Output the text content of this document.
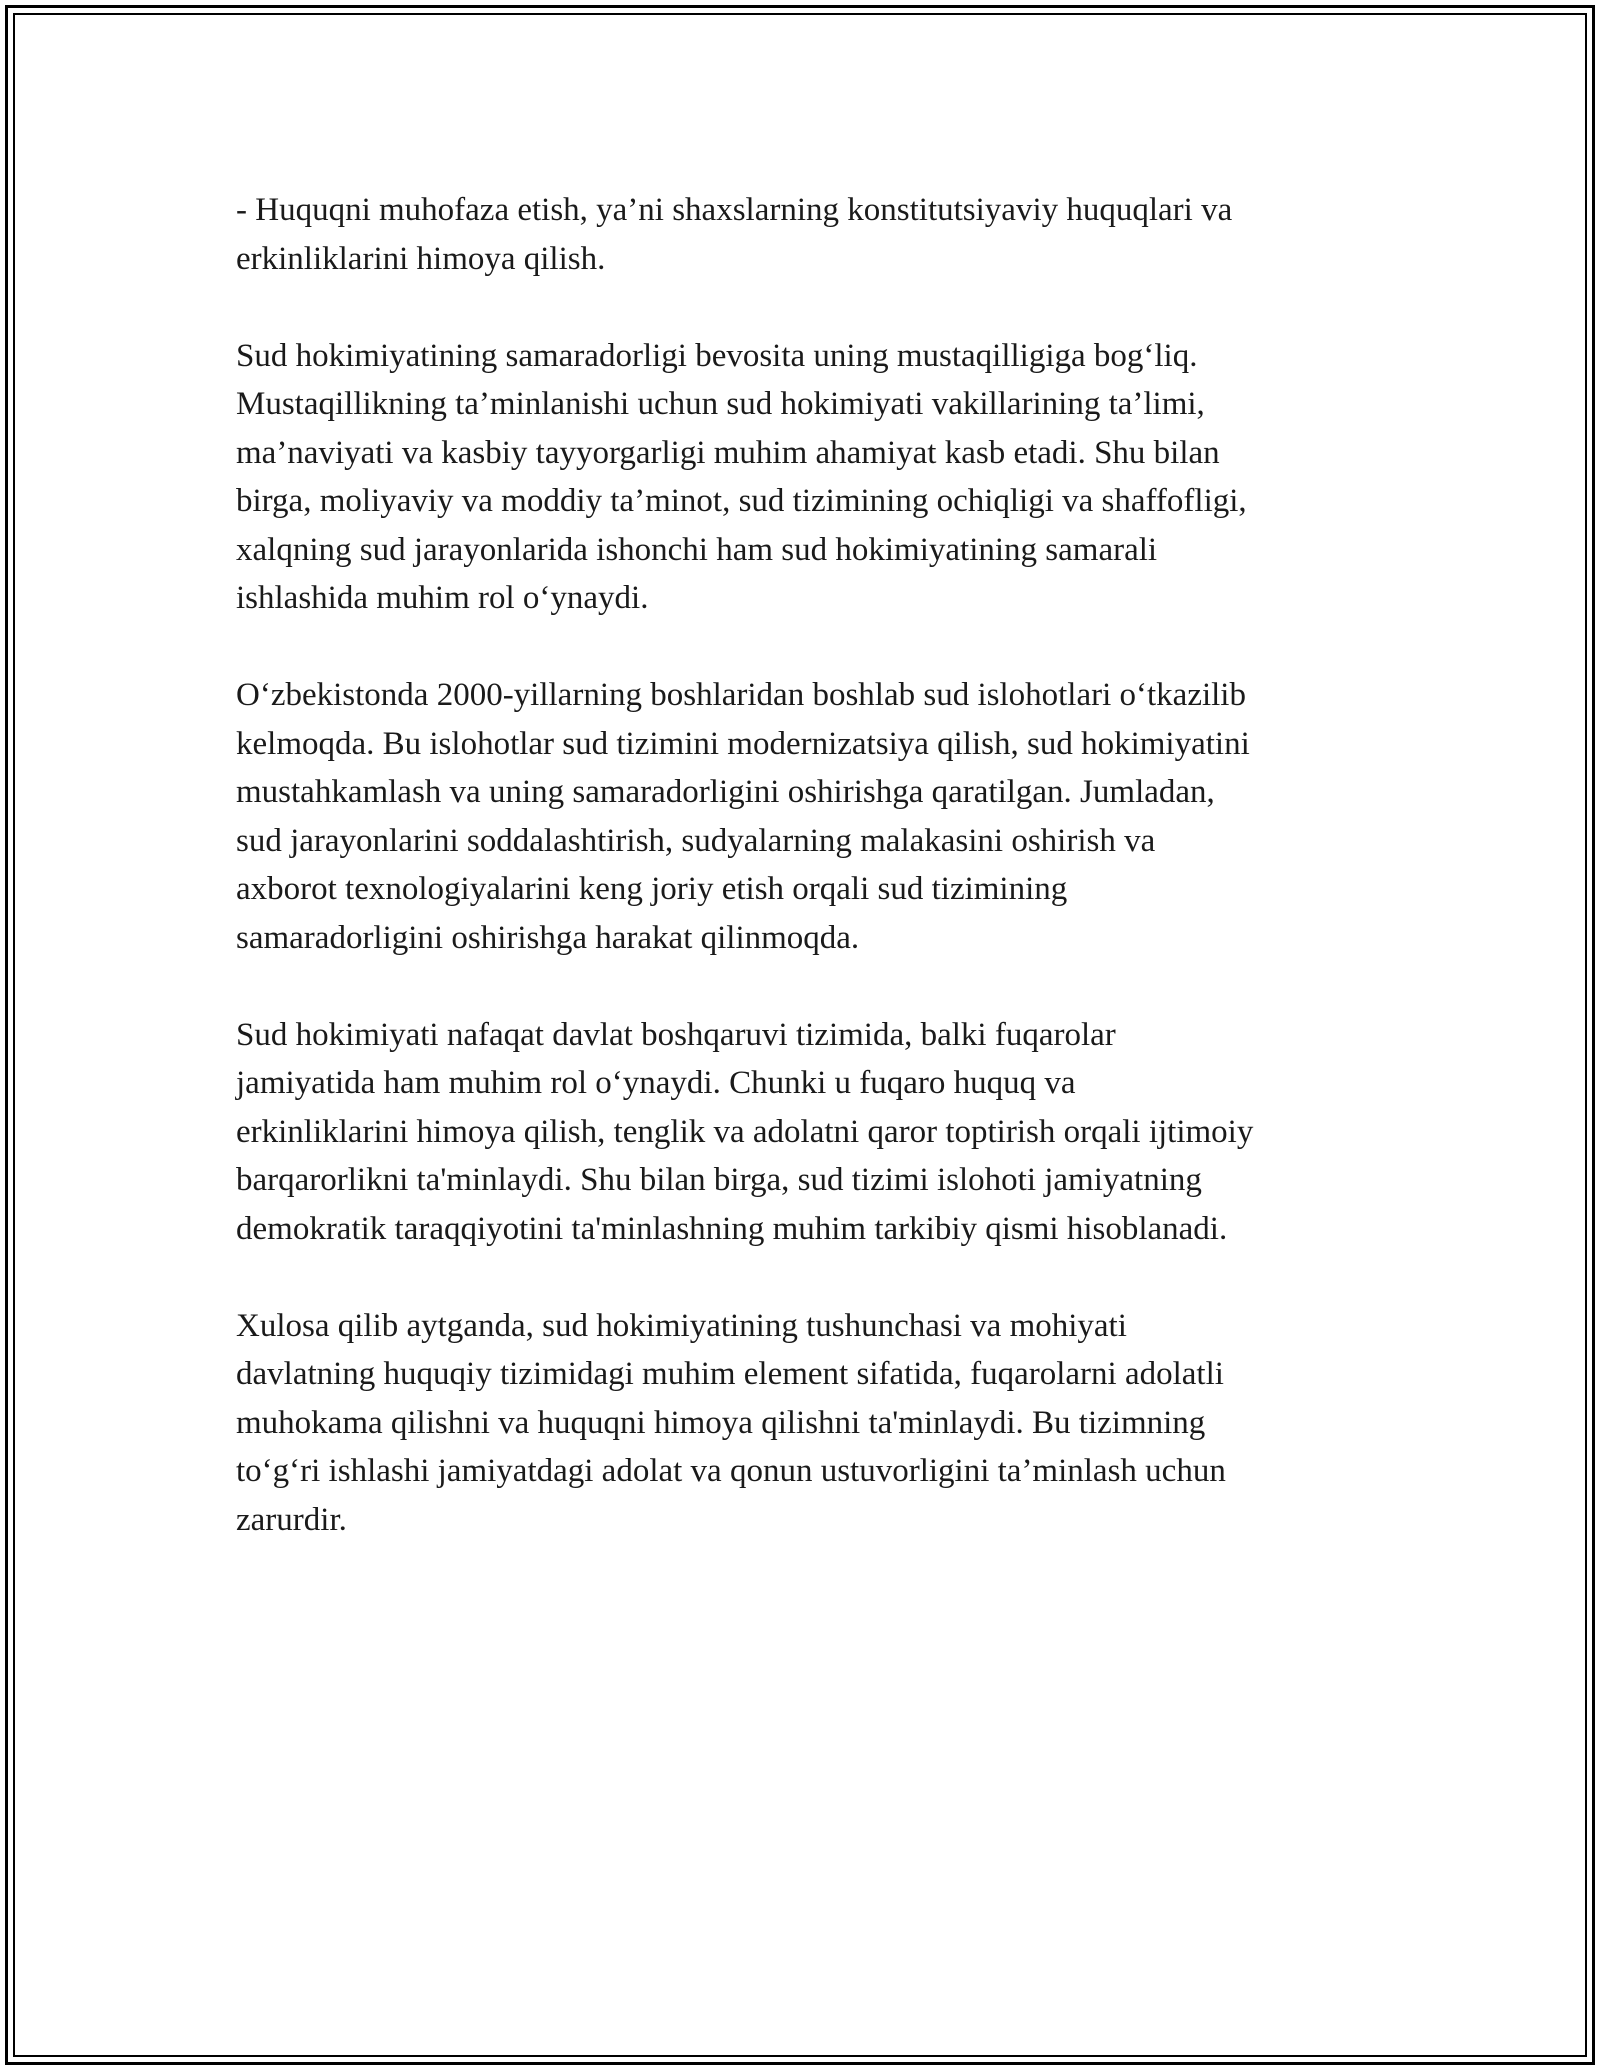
- Huquqni muhofaza etish, ya’ni shaxslarning konstitutsiyaviy huquqlari va
erkinliklarini himoya qilish.

Sud hokimiyatining samaradorligi bevosita uning mustaqilligiga bog‘liq.
Mustaqillikning ta’minlanishi uchun sud hokimiyati vakillarining ta’limi,
ma’naviyati va kasbiy tayyorgarligi muhim ahamiyat kasb etadi. Shu bilan
birga, moliyaviy va moddiy ta’minot, sud tizimining ochiqligi va shaffofligi,
xalqning sud jarayonlarida ishonchi ham sud hokimiyatining samarali
ishlashida muhim rol o‘ynaydi.

O‘zbekistonda 2000-yillarning boshlaridan boshlab sud islohotlari o‘tkazilib
kelmoqda. Bu islohotlar sud tizimini modernizatsiya qilish, sud hokimiyatini
mustahkamlash va uning samaradorligini oshirishga qaratilgan. Jumladan,
sud jarayonlarini soddalashtirish, sudyalarning malakasini oshirish va
axborot texnologiyalarini keng joriy etish orqali sud tizimining
samaradorligini oshirishga harakat qilinmoqda.

Sud hokimiyati nafaqat davlat boshqaruvi tizimida, balki fuqarolar
jamiyatida ham muhim rol o‘ynaydi. Chunki u fuqaro huquq va
erkinliklarini himoya qilish, tenglik va adolatni qaror toptirish orqali ijtimoiy
barqarorlikni ta'minlaydi. Shu bilan birga, sud tizimi islohoti jamiyatning
demokratik taraqqiyotini ta'minlashning muhim tarkibiy qismi hisoblanadi.

Xulosa qilib aytganda, sud hokimiyatining tushunchasi va mohiyati
davlatning huquqiy tizimidagi muhim element sifatida, fuqarolarni adolatli
muhokama qilishni va huquqni himoya qilishni ta'minlaydi. Bu tizimning
to‘g‘ri ishlashi jamiyatdagi adolat va qonun ustuvorligini ta’minlash uchun
zarurdir.
